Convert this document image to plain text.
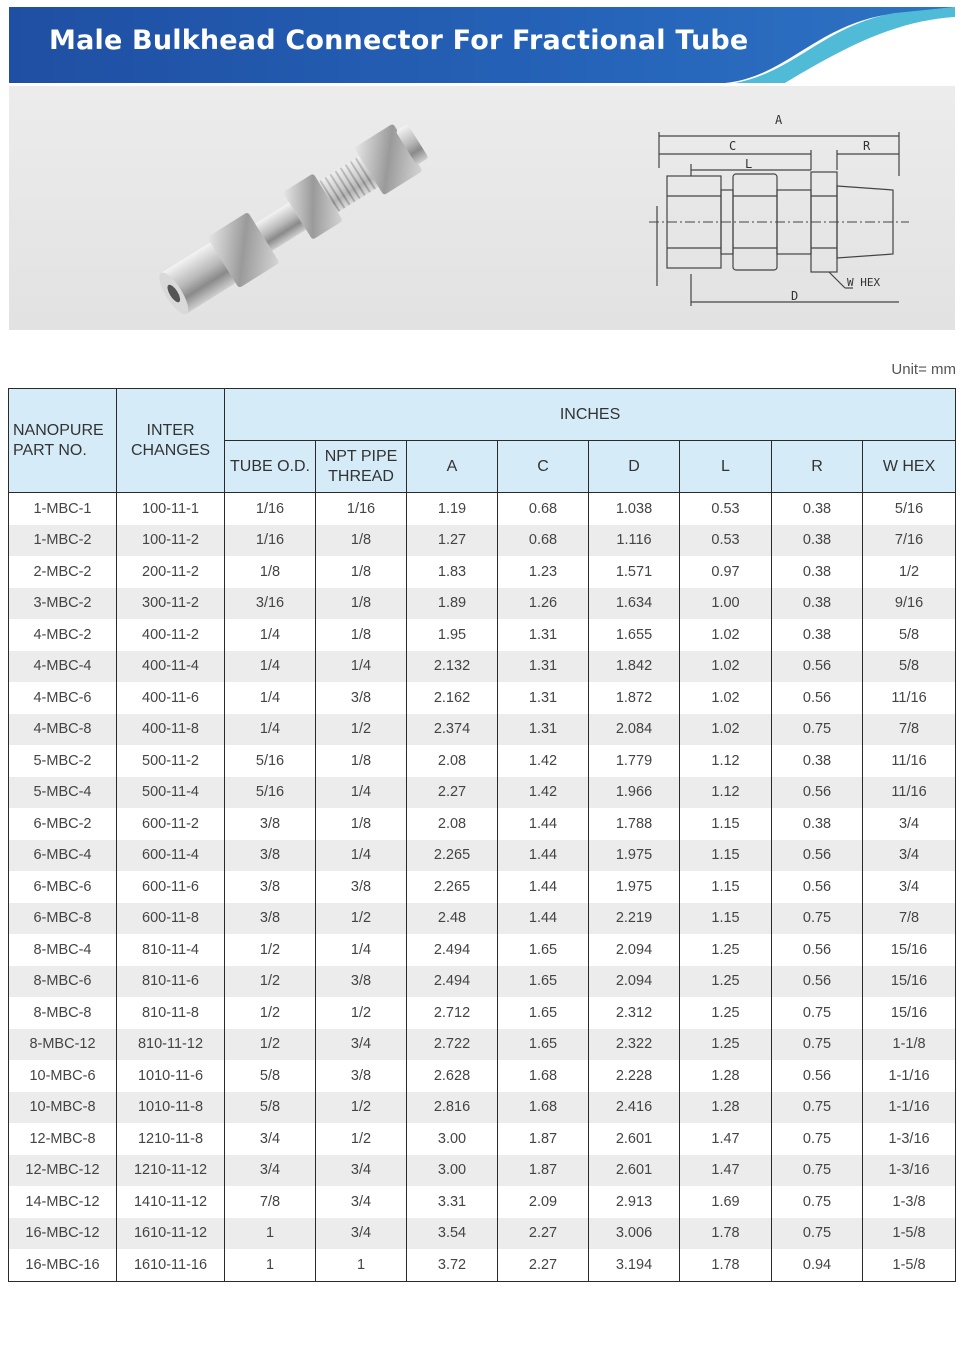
Male Bulkhead Connector For Fractional Tube
A
C
L
R
D
W HEX
Unit= mm
NANOPURE PART NO.	INTER CHANGES	INCHES							
		TUBE O.D.	NPT PIPE THREAD	A	C	D	L	R	W HEX
1-MBC-1	100-11-1	1/16	1/16	1.19	0.68	1.038	0.53	0.38	5/16
1-MBC-2	100-11-2	1/16	1/8	1.27	0.68	1.116	0.53	0.38	7/16
2-MBC-2	200-11-2	1/8	1/8	1.83	1.23	1.571	0.97	0.38	1/2
3-MBC-2	300-11-2	3/16	1/8	1.89	1.26	1.634	1.00	0.38	9/16
4-MBC-2	400-11-2	1/4	1/8	1.95	1.31	1.655	1.02	0.38	5/8
4-MBC-4	400-11-4	1/4	1/4	2.132	1.31	1.842	1.02	0.56	5/8
4-MBC-6	400-11-6	1/4	3/8	2.162	1.31	1.872	1.02	0.56	11/16
4-MBC-8	400-11-8	1/4	1/2	2.374	1.31	2.084	1.02	0.75	7/8
5-MBC-2	500-11-2	5/16	1/8	2.08	1.42	1.779	1.12	0.38	11/16
5-MBC-4	500-11-4	5/16	1/4	2.27	1.42	1.966	1.12	0.56	11/16
6-MBC-2	600-11-2	3/8	1/8	2.08	1.44	1.788	1.15	0.38	3/4
6-MBC-4	600-11-4	3/8	1/4	2.265	1.44	1.975	1.15	0.56	3/4
6-MBC-6	600-11-6	3/8	3/8	2.265	1.44	1.975	1.15	0.56	3/4
6-MBC-8	600-11-8	3/8	1/2	2.48	1.44	2.219	1.15	0.75	7/8
8-MBC-4	810-11-4	1/2	1/4	2.494	1.65	2.094	1.25	0.56	15/16
8-MBC-6	810-11-6	1/2	3/8	2.494	1.65	2.094	1.25	0.56	15/16
8-MBC-8	810-11-8	1/2	1/2	2.712	1.65	2.312	1.25	0.75	15/16
8-MBC-12	810-11-12	1/2	3/4	2.722	1.65	2.322	1.25	0.75	1-1/8
10-MBC-6	1010-11-6	5/8	3/8	2.628	1.68	2.228	1.28	0.56	1-1/16
10-MBC-8	1010-11-8	5/8	1/2	2.816	1.68	2.416	1.28	0.75	1-1/16
12-MBC-8	1210-11-8	3/4	1/2	3.00	1.87	2.601	1.47	0.75	1-3/16
12-MBC-12	1210-11-12	3/4	3/4	3.00	1.87	2.601	1.47	0.75	1-3/16
14-MBC-12	1410-11-12	7/8	3/4	3.31	2.09	2.913	1.69	0.75	1-3/8
16-MBC-12	1610-11-12	1	3/4	3.54	2.27	3.006	1.78	0.75	1-5/8
16-MBC-16	1610-11-16	1	1	3.72	2.27	3.194	1.78	0.94	1-5/8
